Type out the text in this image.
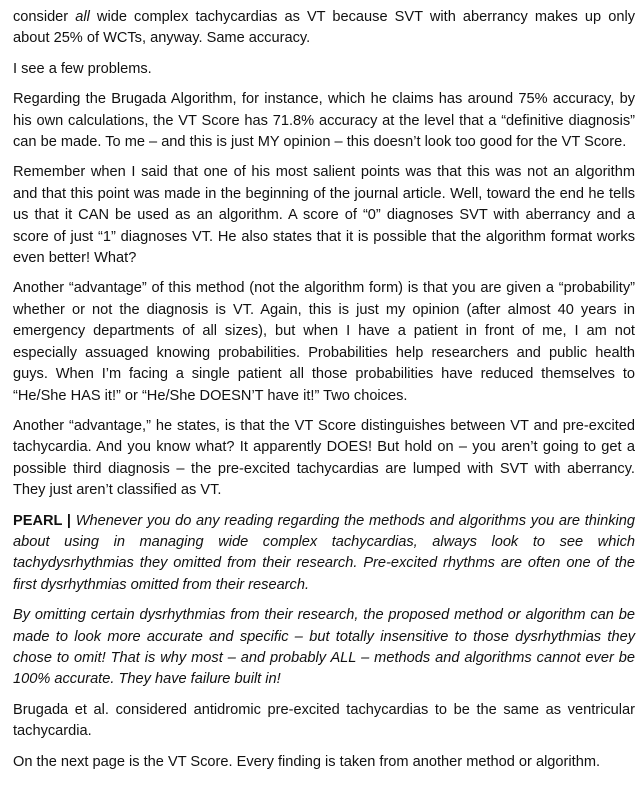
consider all wide complex tachycardias as VT because SVT with aberrancy makes up only about 25% of WCTs, anyway. Same accuracy.

I see a few problems.

Regarding the Brugada Algorithm, for instance, which he claims has around 75% accuracy, by his own calculations, the VT Score has 71.8% accuracy at the level that a “definitive diagnosis” can be made. To me – and this is just MY opinion – this doesn’t look too good for the VT Score.

Remember when I said that one of his most salient points was that this was not an algorithm and that this point was made in the beginning of the journal article. Well, toward the end he tells us that it CAN be used as an algorithm. A score of “0” diagnoses SVT with aberrancy and a score of just “1” diagnoses VT. He also states that it is possible that the algorithm format works even better! What?

Another “advantage” of this method (not the algorithm form) is that you are given a “probability” whether or not the diagnosis is VT. Again, this is just my opinion (after almost 40 years in emergency departments of all sizes), but when I have a patient in front of me, I am not especially assuaged knowing probabilities. Probabilities help researchers and public health guys. When I’m facing a single patient all those probabilities have reduced themselves to “He/She HAS it!” or “He/She DOESN’T have it!” Two choices.

Another “advantage,” he states, is that the VT Score distinguishes between VT and pre-excited tachycardia. And you know what? It apparently DOES! But hold on – you aren’t going to get a possible third diagnosis – the pre-excited tachycardias are lumped with SVT with aberrancy. They just aren’t classified as VT.

PEARL | Whenever you do any reading regarding the methods and algorithms you are thinking about using in managing wide complex tachycardias, always look to see which tachydysrhythmias they omitted from their research. Pre-excited rhythms are often one of the first dysrhythmias omitted from their research.

By omitting certain dysrhythmias from their research, the proposed method or algorithm can be made to look more accurate and specific – but totally insensitive to those dysrhythmias they chose to omit! That is why most – and probably ALL – methods and algorithms cannot ever be 100% accurate. They have failure built in!

Brugada et al. considered antidromic pre-excited tachycardias to be the same as ventricular tachycardia.

On the next page is the VT Score. Every finding is taken from another method or algorithm.
